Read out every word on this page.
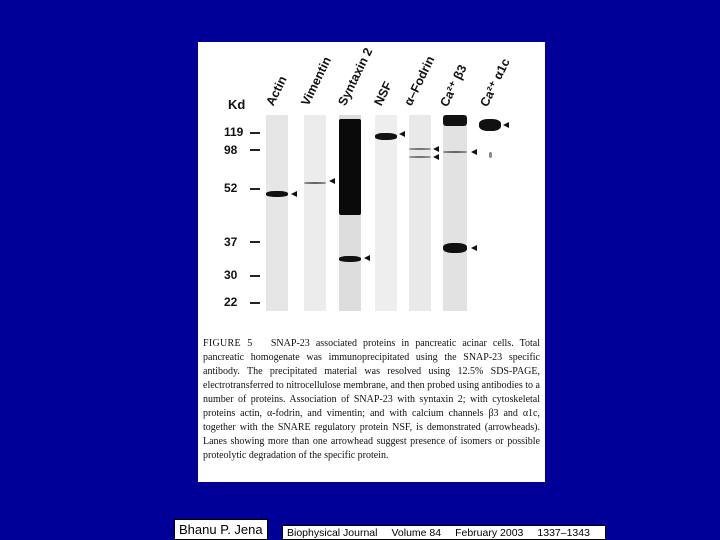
Kd
119
98
52
37
30
22
Actin Vimentin Syntaxin 2
NSF α–Fodrin Ca²⁺ β3 Ca²⁺ α1c
FIGURE 5 SNAP-23 associated proteins in pancreatic acinar cells. Total pancreatic homogenate was immunoprecipitated using the SNAP-23 specific antibody. The precipitated material was resolved using 12.5% SDS-PAGE, electrotransferred to nitrocellulose membrane, and then probed using antibodies to a number of proteins. Association of SNAP-23 with syntaxin 2; with cytoskeletal proteins actin, α-fodrin, and vimentin; and with calcium channels β3 and α1c, together with the SNARE regulatory protein NSF, is demonstrated (arrowheads). Lanes showing more than one arrowhead suggest presence of isomers or possible proteolytic degradation of the specific protein.
Bhanu P. Jena	Biophysical Journal Volume 84 February 2003 1337–1343
